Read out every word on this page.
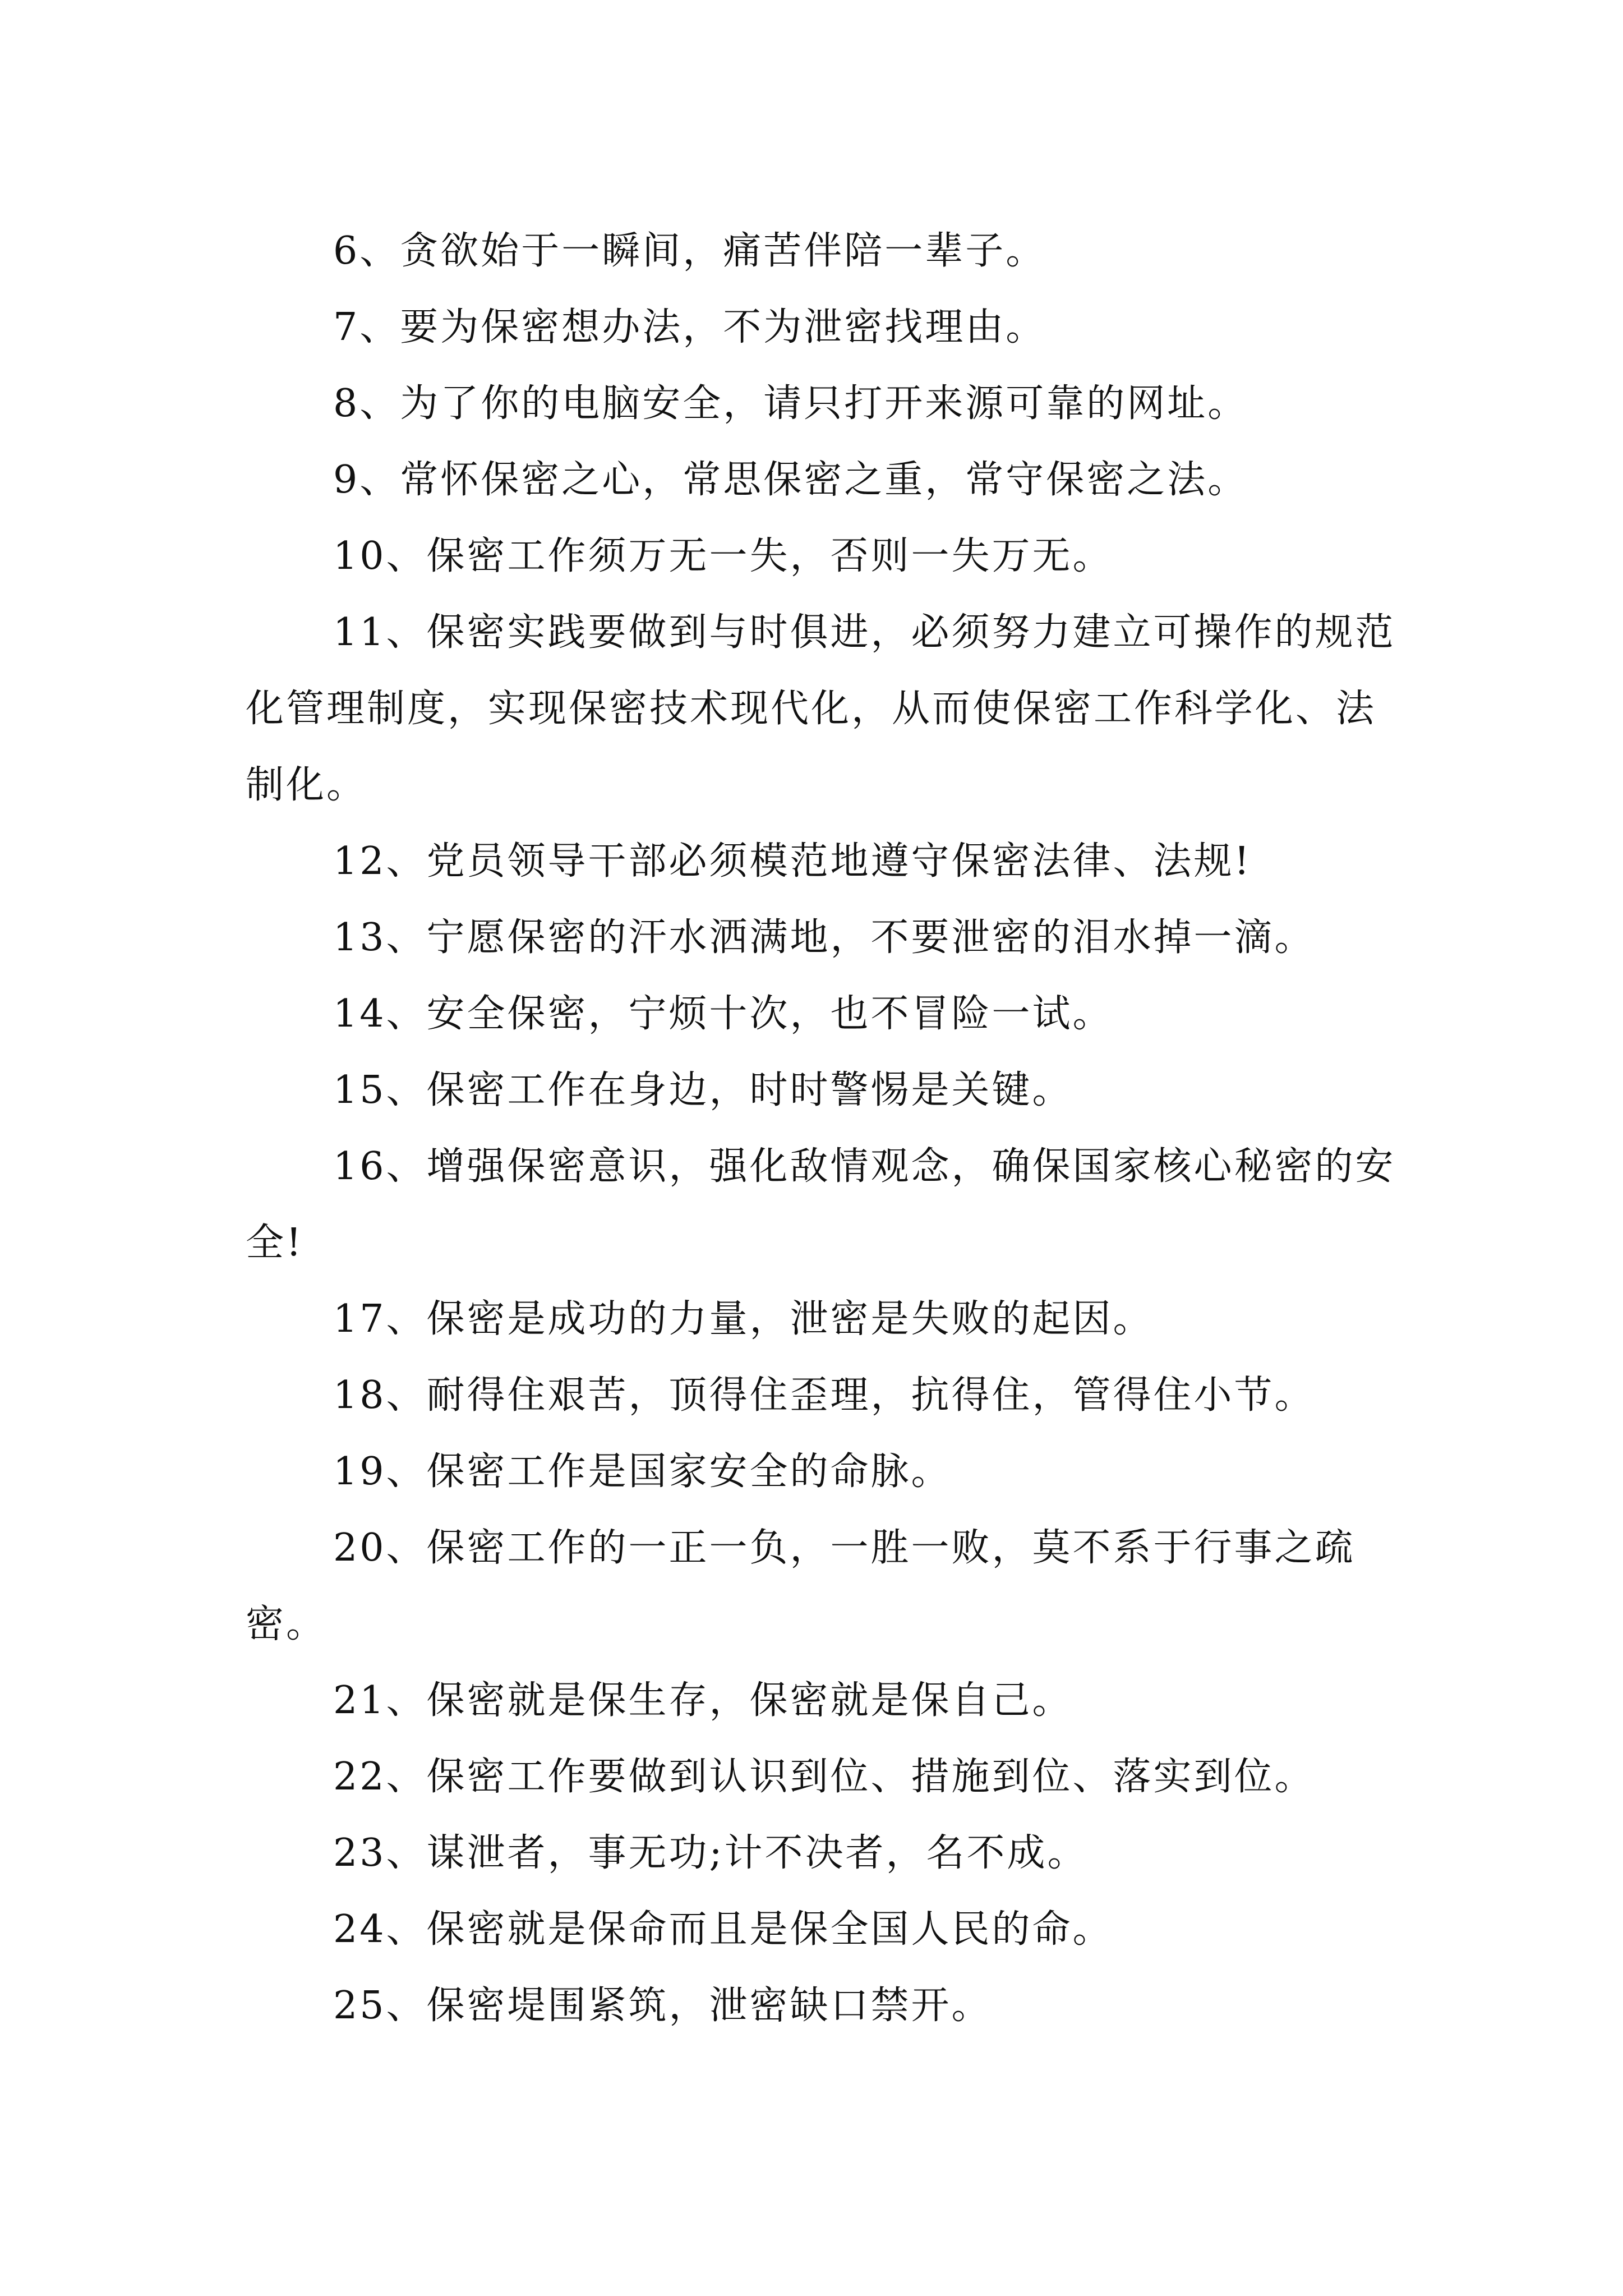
6、贪欲始于一瞬间，痛苦伴陪一辈子。

7、要为保密想办法，不为泄密找理由。

8、为了你的电脑安全，请只打开来源可靠的网址。

9、常怀保密之心，常思保密之重，常守保密之法。

10、保密工作须万无一失，否则一失万无。

11、保密实践要做到与时俱进，必须努力建立可操作的规范化管理制度，实现保密技术现代化，从而使保密工作科学化、法制化。

12、党员领导干部必须模范地遵守保密法律、法规!

13、宁愿保密的汗水洒满地，不要泄密的泪水掉一滴。

14、安全保密，宁烦十次，也不冒险一试。

15、保密工作在身边，时时警惕是关键。

16、增强保密意识，强化敌情观念，确保国家核心秘密的安全!

17、保密是成功的力量，泄密是失败的起因。

18、耐得住艰苦，顶得住歪理，抗得住，管得住小节。

19、保密工作是国家安全的命脉。

20、保密工作的一正一负，一胜一败，莫不系于行事之疏密。

21、保密就是保生存，保密就是保自己。

22、保密工作要做到认识到位、措施到位、落实到位。

23、谋泄者，事无功;计不决者，名不成。

24、保密就是保命而且是保全国人民的命。

25、保密堤围紧筑，泄密缺口禁开。
